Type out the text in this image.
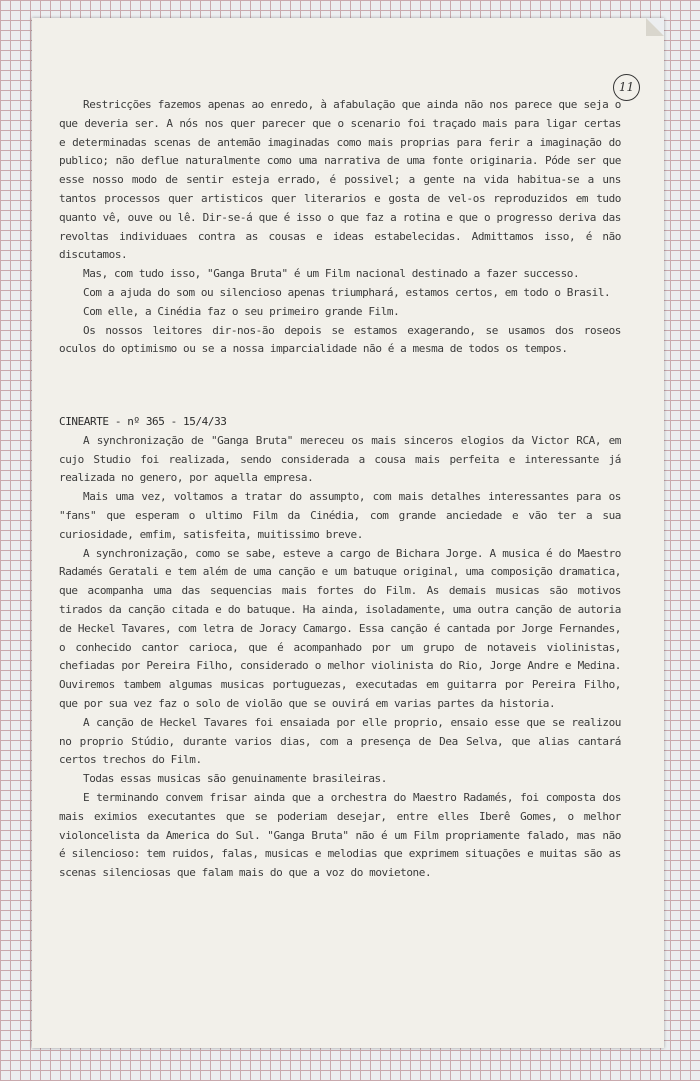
11

Restricções fazemos apenas ao enredo, à afabulação que ainda não nos parece que seja o que deveria ser. A nós nos quer parecer que o scenario foi traçado mais para ligar certas e determinadas scenas de antemão imaginadas como mais proprias para ferir a imaginação do publico; não deflue naturalmente como uma narrativa de uma fonte originaria. Póde ser que esse nosso modo de sentir esteja errado, é possivel; a gente na vida habitua-se a uns tantos processos quer artisticos quer literarios e gosta de vel-os reproduzidos em tudo quanto vê, ouve ou lê. Dir-se-á que é isso o que faz a rotina e que o progresso deriva das revoltas individuaes contra as cousas e ideas estabelecidas. Admittamos isso, é não discutamos.

Mas, com tudo isso, "Ganga Bruta" é um Film nacional destinado a fazer successo.

Com a ajuda do som ou silencioso apenas triumphará, estamos certos, em todo o Brasil.

Com elle, a Cinédia faz o seu primeiro grande Film.

Os nossos leitores dir-nos-ão depois se estamos exagerando, se usamos dos roseos oculos do optimismo ou se a nossa imparcialidade não é a mesma de todos os tempos.

CINEARTE - nº 365 - 15/4/33

A synchronização de "Ganga Bruta" mereceu os mais sinceros elogios da Victor RCA, em cujo Studio foi realizada, sendo considerada a cousa mais perfeita e interessante já realizada no genero, por aquella empresa.

Mais uma vez, voltamos a tratar do assumpto, com mais detalhes interessantes para os "fans" que esperam o ultimo Film da Cinédia, com grande anciedade e vão ter a sua curiosidade, emfim, satisfeita, muitissimo breve.

A synchronização, como se sabe, esteve a cargo de Bichara Jorge. A musica é do Maestro Radamés Geratali e tem além de uma canção e um batuque original, uma composição dramatica, que acompanha uma das sequencias mais fortes do Film. As demais musicas são motivos tirados da canção citada e do batuque. Ha ainda, isoladamente, uma outra canção de autoria de Heckel Tavares, com letra de Joracy Camargo. Essa canção é cantada por Jorge Fernandes, o conhecido cantor carioca, que é acompanhado por um grupo de notaveis violinistas, chefiadas por Pereira Filho, considerado o melhor violinista do Rio, Jorge Andre e Medina. Ouviremos tambem algumas musicas portuguezas, executadas em guitarra por Pereira Filho, que por sua vez faz o solo de violão que se ouvirá em varias partes da historia.

A canção de Heckel Tavares foi ensaiada por elle proprio, ensaio esse que se realizou no proprio Stúdio, durante varios dias, com a presença de Dea Selva, que alias cantará certos trechos do Film.

Todas essas musicas são genuinamente brasileiras.

E terminando convem frisar ainda que a orchestra do Maestro Radamés, foi composta dos mais eximios executantes que se poderiam desejar, entre elles Iberê Gomes, o melhor violoncelista da America do Sul. "Ganga Bruta" não é um Film propriamente falado, mas não é silencioso: tem ruidos, falas, musicas e melodias que exprimem situações e muitas são as scenas silenciosas que falam mais do que a voz do movietone.
